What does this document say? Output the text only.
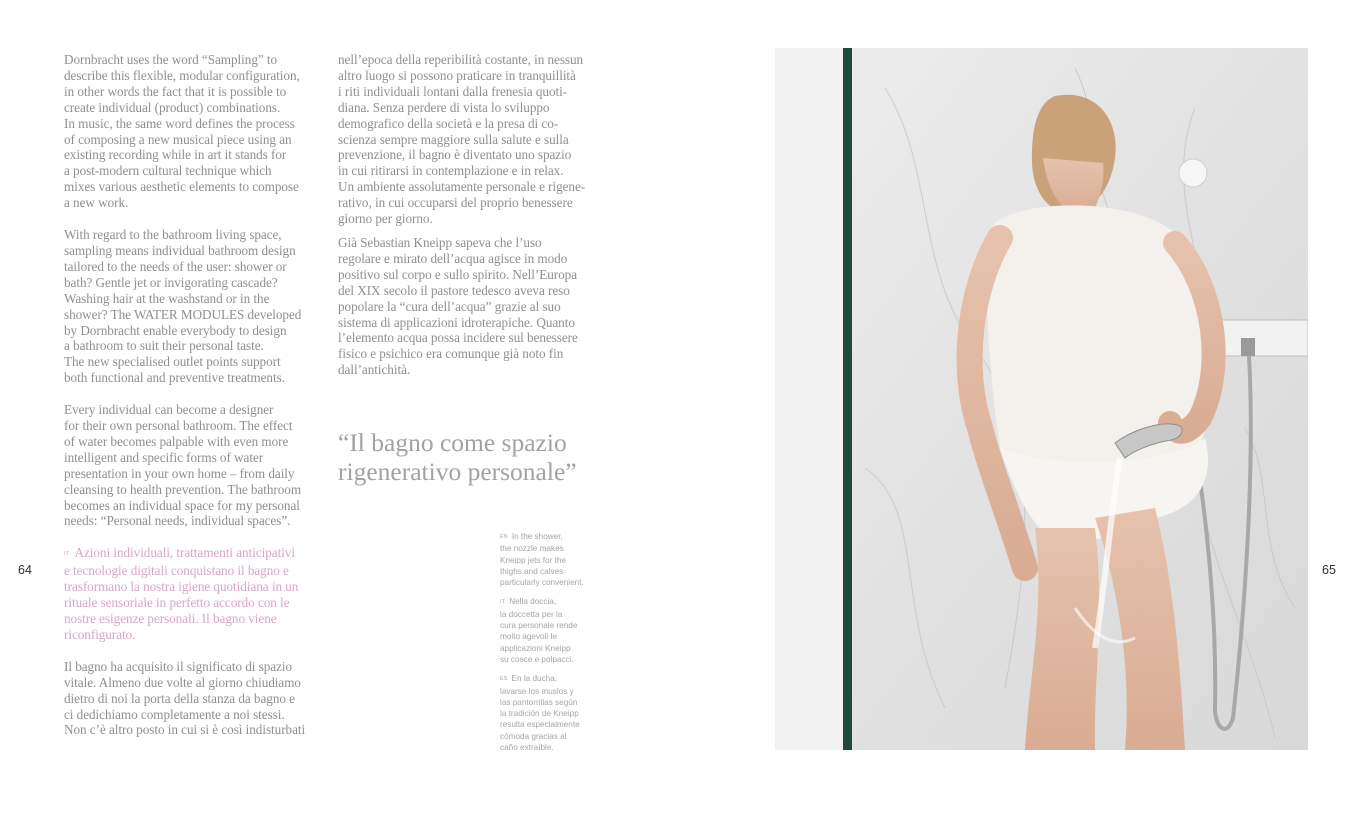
Dornbracht uses the word “Sampling” to
describe this flexible, modular configuration,
in other words the fact that it is possible to
create individual (product) combinations.
In music, the same word defines the process
of composing a new musical piece using an
existing recording while in art it stands for
a post-modern cultural technique which
mixes various aesthetic elements to compose
a new work.

With regard to the bathroom living space,
sampling means individual bathroom design
tailored to the needs of the user: shower or
bath? Gentle jet or invigorating cascade?
Washing hair at the washstand or in the
shower? The WATER MODULES developed
by Dornbracht enable everybody to design
a bathroom to suit their personal taste.
The new specialised outlet points support
both functional and preventive treatments.

Every individual can become a designer
for their own personal bathroom. The effect
of water becomes palpable with even more
intelligent and specific forms of water
presentation in your own home – from daily
cleansing to health prevention. The bathroom
becomes an individual space for my personal
needs: “Personal needs, individual spaces”.

IT Azioni individuali, trattamenti anticipativi
e tecnologie digitali conquistano il bagno e
trasformano la nostra igiene quotidiana in un
rituale sensoriale in perfetto accordo con le
nostre esigenze personali. Il bagno viene
riconfigurato.

Il bagno ha acquisito il significato di spazio
vitale. Almeno due volte al giorno chiudiamo
dietro di noi la porta della stanza da bagno e
ci dedichiamo completamente a noi stessi.
Non c’è altro posto in cui si è così indisturbati

nell’epoca della reperibilità costante, in nessun
altro luogo si possono praticare in tranquillità
i riti individuali lontani dalla frenesia quoti-
diana. Senza perdere di vista lo sviluppo
demografico della società e la presa di co-
scienza sempre maggiore sulla salute e sulla
prevenzione, il bagno è diventato uno spazio
in cui ritirarsi in contemplazione e in relax.
Un ambiente assolutamente personale e rigene-
rativo, in cui occuparsi del proprio benessere
giorno per giorno.

Già Sebastian Kneipp sapeva che l’uso
regolare e mirato dell’acqua agisce in modo
positivo sul corpo e sullo spirito. Nell’Europa
del XIX secolo il pastore tedesco aveva reso
popolare la “cura dell’acqua” grazie al suo
sistema di applicazioni idroterapiche. Quanto
l’elemento acqua possa incidere sul benessere
fisico e psichico era comunque già noto fin
dall’antichità.

“Il bagno come spazio
rigenerativo personale”

EN In the shower,
the nozzle makes
Kneipp jets for the
thighs and calves
particularly convenient.

IT Nella doccia,
la doccetta per la
cura personale rende
molto agevoli le
applicazioni Kneipp
su cosce e polpacci.

ES En la ducha,
lavarse los muslos y
las pantorrillas según
la tradición de Kneipp
resulta especialmente
cómoda gracias al
caño extraíble.

64	65
